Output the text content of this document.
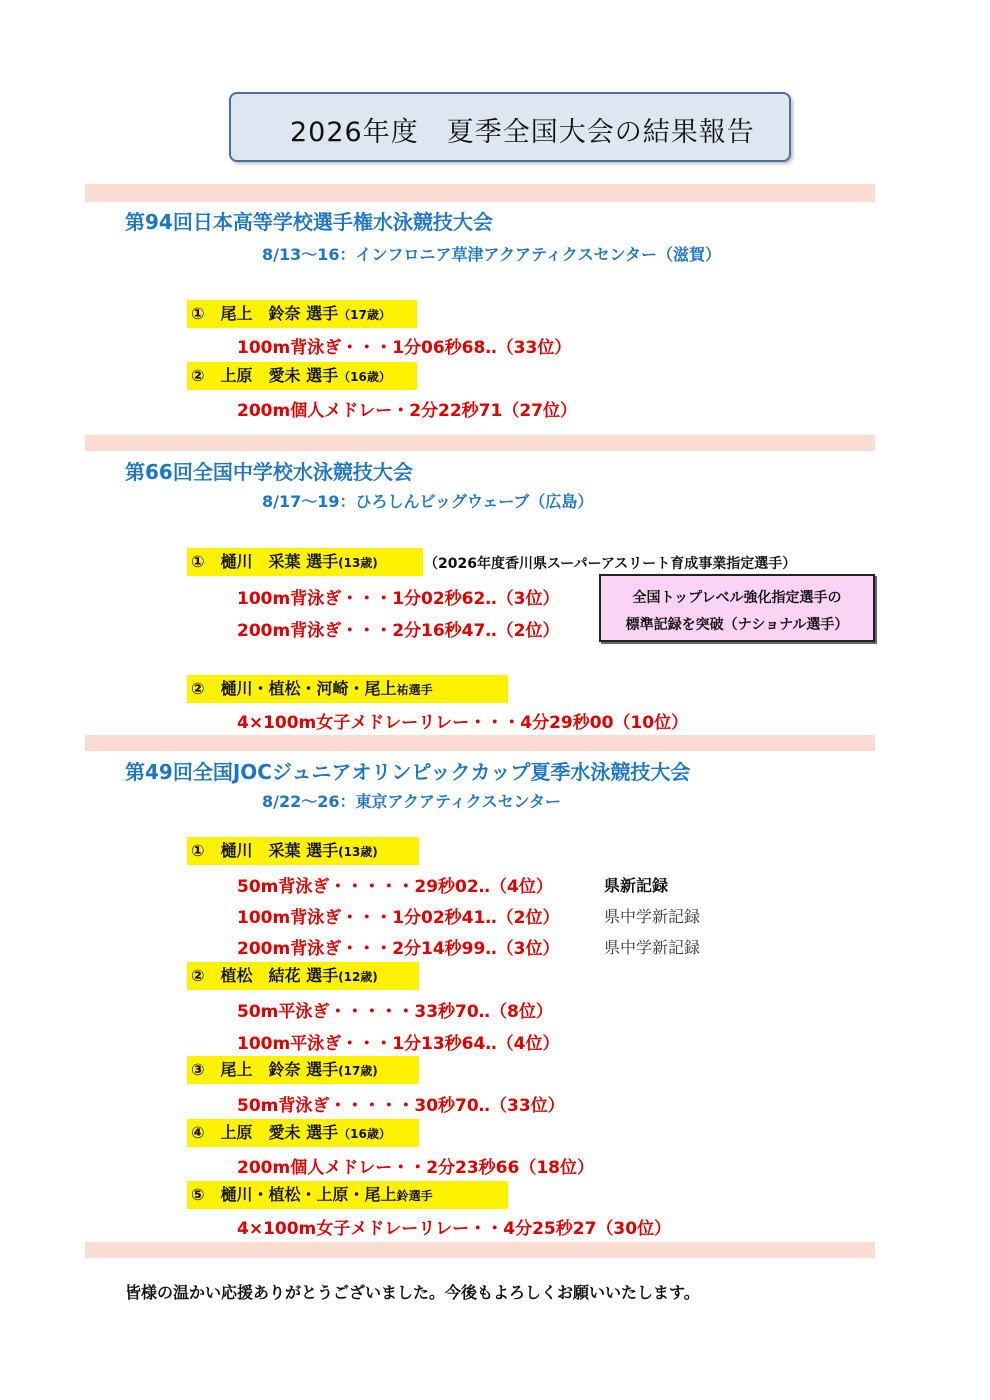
2026年度　夏季全国大会の結果報告
第94回日本高等学校選手権水泳競技大会
8/13～16：インフロニア草津アクアティクスセンター（滋賀）
①　尾上　鈴奈 選手（17歳）
100m背泳ぎ・・・1分06秒68‥（33位）
②　上原　愛未 選手（16歳）
200m個人メドレー・2分22秒71（27位）
第66回全国中学校水泳競技大会
8/17～19：ひろしんビッグウェーブ（広島）
①　樋川　采葉 選手(13歳)	（2026年度香川県スーパーアスリート育成事業指定選手）
100m背泳ぎ・・・1分02秒62‥（3位）
200m背泳ぎ・・・2分16秒47‥（2位）
全国トップレベル強化指定選手の
標準記録を突破（ナショナル選手）
②　樋川・植松・河崎・尾上祐選手
4×100m女子メドレーリレー・・・4分29秒00（10位）
第49回全国JOCジュニアオリンピックカップ夏季水泳競技大会
8/22～26：東京アクアティクスセンター
①　樋川　采葉 選手(13歳)
50m背泳ぎ・・・・・29秒02‥（4位）	県新記録
100m背泳ぎ・・・1分02秒41‥（2位）	県中学新記録
200m背泳ぎ・・・2分14秒99‥（3位）	県中学新記録
②　植松　結花 選手(12歳)
50m平泳ぎ・・・・・33秒70‥（8位）
100m平泳ぎ・・・1分13秒64‥（4位）
③　尾上　鈴奈 選手(17歳)
50m背泳ぎ・・・・・30秒70‥（33位）
④　上原　愛未 選手（16歳）
200m個人メドレー・・2分23秒66（18位）
⑤　樋川・植松・上原・尾上鈴選手
4×100m女子メドレーリレー・・4分25秒27（30位）
皆様の温かい応援ありがとうございました。今後もよろしくお願いいたします。
